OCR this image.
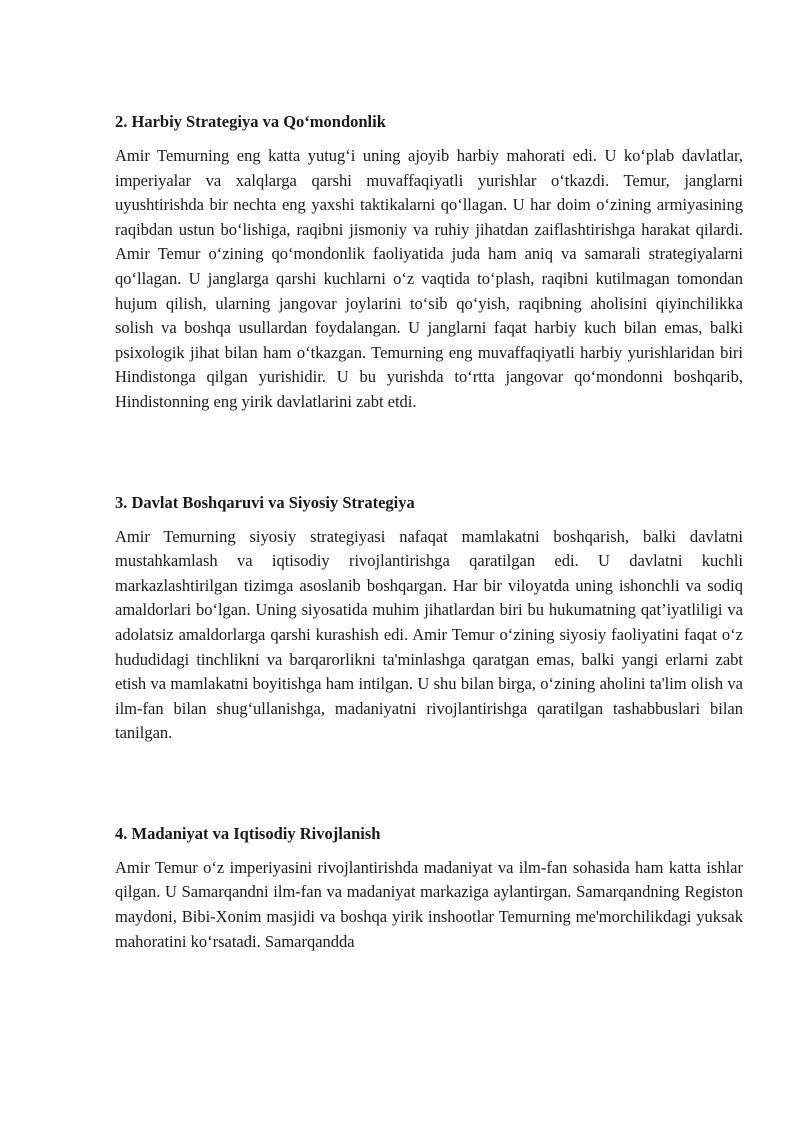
2. Harbiy Strategiya va Qo‘mondonlik

Amir Temurning eng katta yutug‘i uning ajoyib harbiy mahorati edi. U ko‘plab davlatlar, imperiyalar va xalqlarga qarshi muvaffaqiyatli yurishlar o‘tkazdi. Temur, janglarni uyushtirishda bir nechta eng yaxshi taktikalarni qo‘llagan. U har doim o‘zining armiyasining raqibdan ustun bo‘lishiga, raqibni jismoniy va ruhiy jihatdan zaiflashtirishga harakat qilardi. Amir Temur o‘zining qo‘mondonlik faoliyatida juda ham aniq va samarali strategiyalarni qo‘llagan. U janglarga qarshi kuchlarni o‘z vaqtida to‘plash, raqibni kutilmagan tomondan hujum qilish, ularning jangovar joylarini to‘sib qo‘yish, raqibning aholisini qiyinchilikka solish va boshqa usullardan foydalangan. U janglarni faqat harbiy kuch bilan emas, balki psixologik jihat bilan ham o‘tkazgan. Temurning eng muvaffaqiyatli harbiy yurishlaridan biri Hindistonga qilgan yurishidir. U bu yurishda to‘rtta jangovar qo‘mondonni boshqarib, Hindistonning eng yirik davlatlarini zabt etdi.

3. Davlat Boshqaruvi va Siyosiy Strategiya

Amir Temurning siyosiy strategiyasi nafaqat mamlakatni boshqarish, balki davlatni mustahkamlash va iqtisodiy rivojlantirishga qaratilgan edi. U davlatni kuchli markazlashtirilgan tizimga asoslanib boshqargan. Har bir viloyatda uning ishonchli va sodiq amaldorlari bo‘lgan. Uning siyosatida muhim jihatlardan biri bu hukumatning qat’iyatliligi va adolatsiz amaldorlarga qarshi kurashish edi. Amir Temur o‘zining siyosiy faoliyatini faqat o‘z hududidagi tinchlikni va barqarorlikni ta'minlashga qaratgan emas, balki yangi erlarni zabt etish va mamlakatni boyitishga ham intilgan. U shu bilan birga, o‘zining aholini ta'lim olish va ilm-fan bilan shug‘ullanishga, madaniyatni rivojlantirishga qaratilgan tashabbuslari bilan tanilgan.

4. Madaniyat va Iqtisodiy Rivojlanish

Amir Temur o‘z imperiyasini rivojlantirishda madaniyat va ilm-fan sohasida ham katta ishlar qilgan. U Samarqandni ilm-fan va madaniyat markaziga aylantirgan. Samarqandning Registon maydoni, Bibi-Xonim masjidi va boshqa yirik inshootlar Temurning me'morchilikdagi yuksak mahoratini ko‘rsatadi. Samarqandda
